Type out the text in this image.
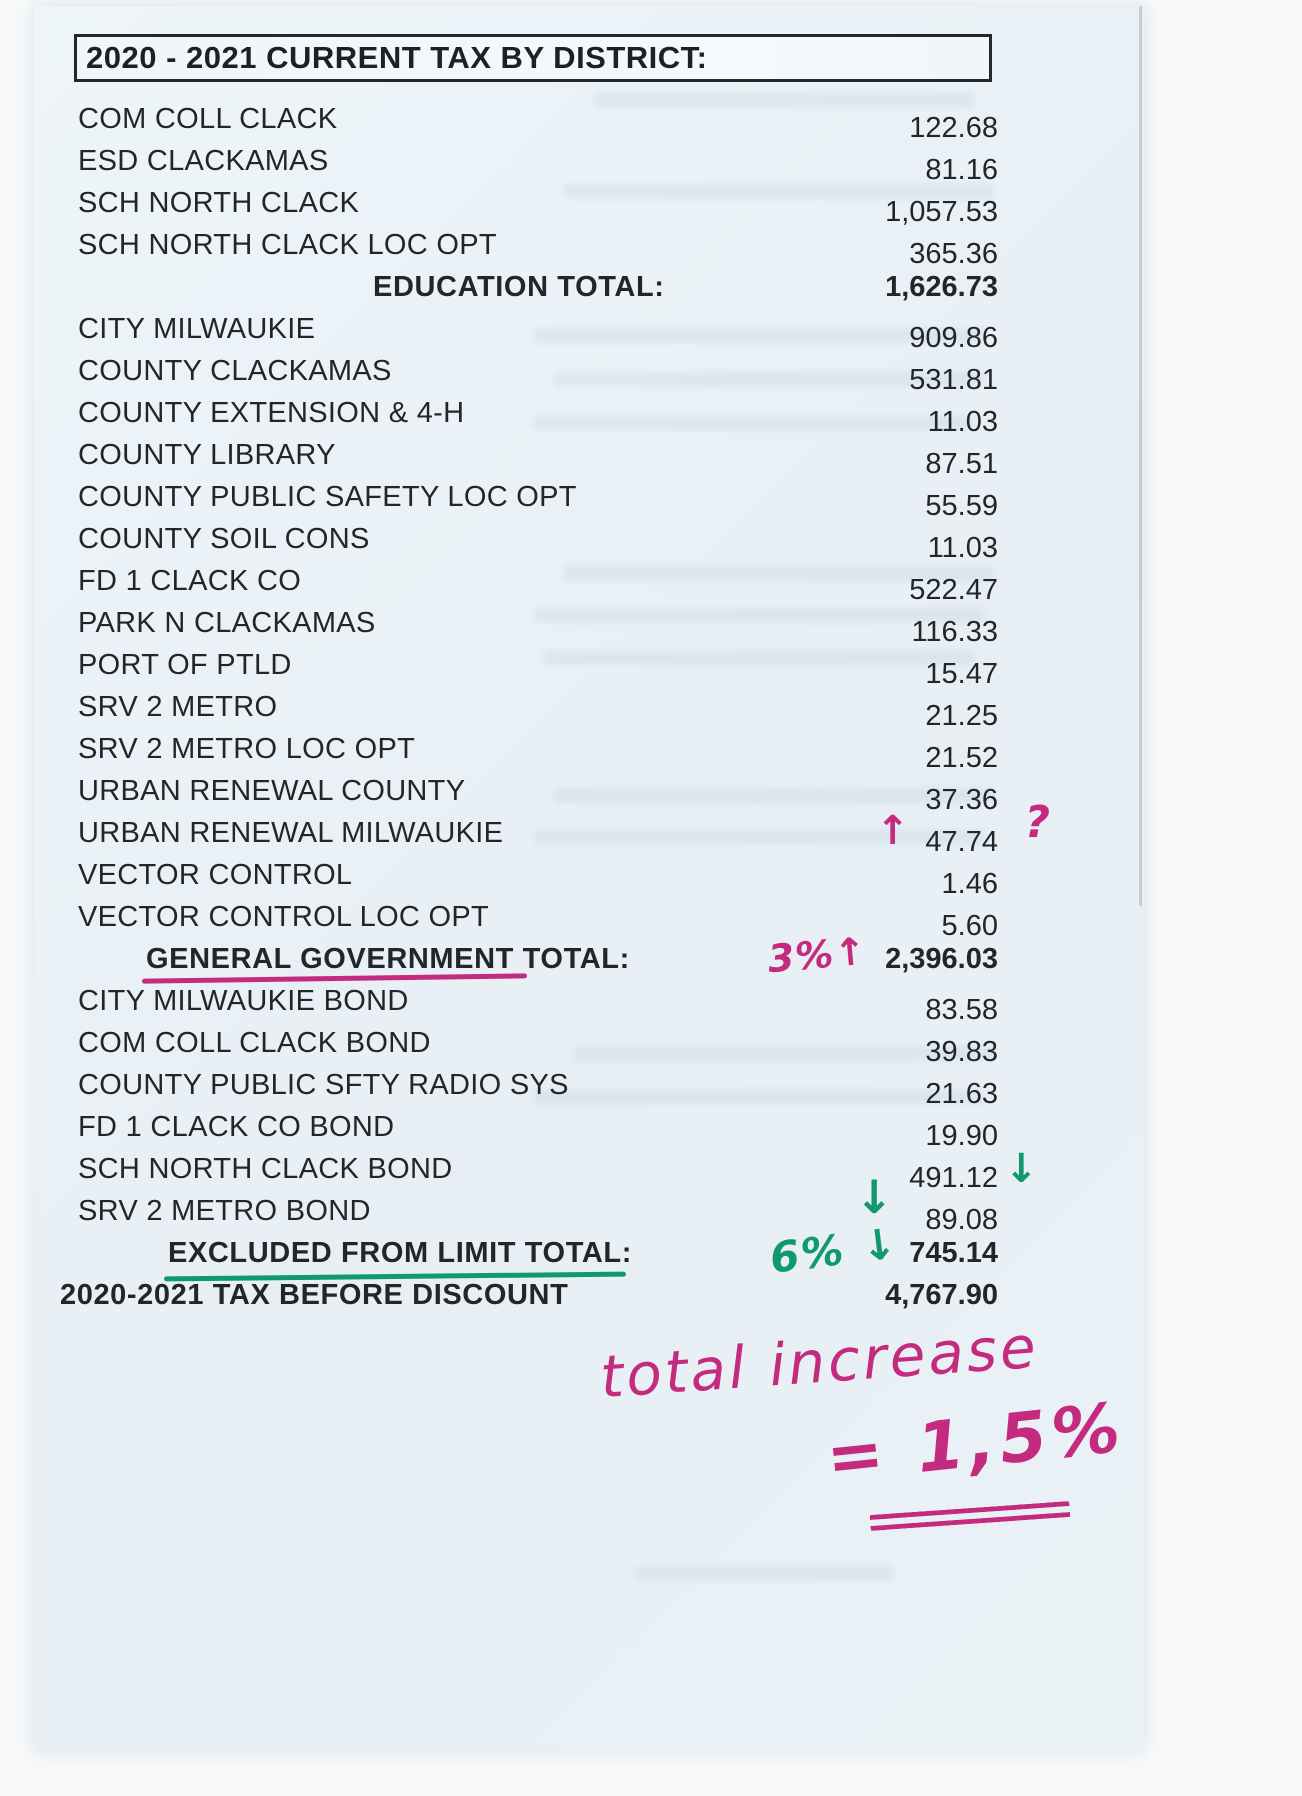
2020 - 2021 CURRENT TAX BY DISTRICT:
COM COLL CLACK	122.68
ESD CLACKAMAS	81.16
SCH NORTH CLACK	1,057.53
SCH NORTH CLACK LOC OPT	365.36
EDUCATION TOTAL:	1,626.73
CITY MILWAUKIE	909.86
COUNTY CLACKAMAS	531.81
COUNTY EXTENSION & 4-H	11.03
COUNTY LIBRARY	87.51
COUNTY PUBLIC SAFETY LOC OPT	55.59
COUNTY SOIL CONS	11.03
FD 1 CLACK CO	522.47
PARK N CLACKAMAS	116.33
PORT OF PTLD	15.47
SRV 2 METRO	21.25
SRV 2 METRO LOC OPT	21.52
URBAN RENEWAL COUNTY	37.36
URBAN RENEWAL MILWAUKIE	↑ 47.74 ?
VECTOR CONTROL	1.46
VECTOR CONTROL LOC OPT	5.60
GENERAL GOVERNMENT TOTAL:	3%↑ 2,396.03
CITY MILWAUKIE BOND	83.58
COM COLL CLACK BOND	39.83
COUNTY PUBLIC SFTY RADIO SYS	21.63
FD 1 CLACK CO BOND	19.90
SCH NORTH CLACK BOND	491.12 ↓
SRV 2 METRO BOND	↓ 89.08
EXCLUDED FROM LIMIT TOTAL:	6% ↓ 745.14
2020-2021 TAX BEFORE DISCOUNT	4,767.90
total increase
= 1,5%
